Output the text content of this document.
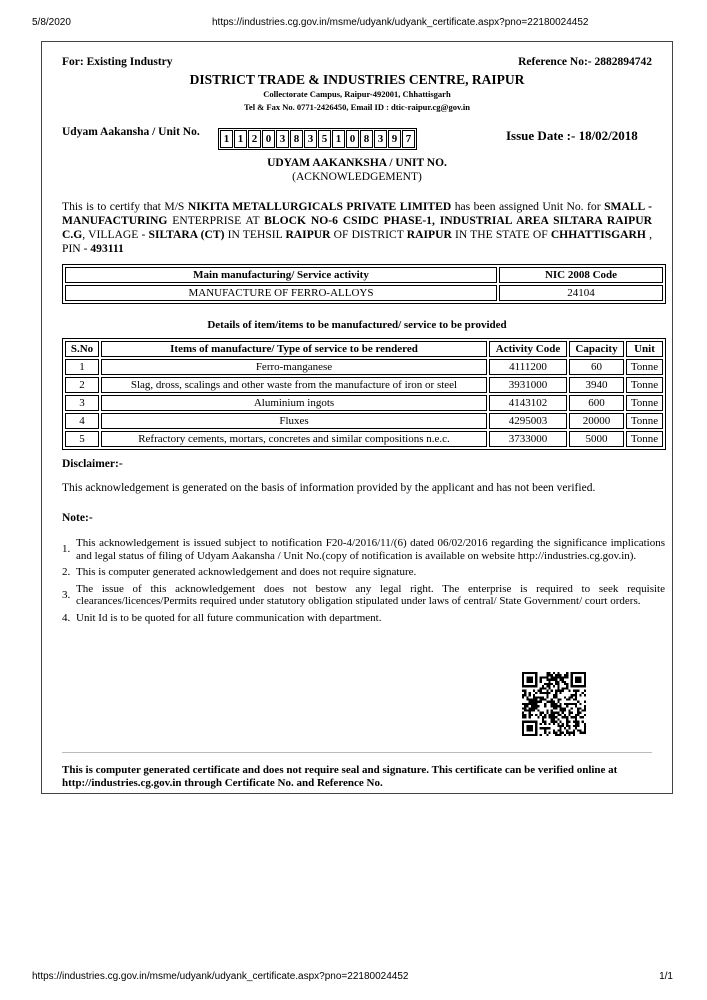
5/8/2020	https://industries.cg.gov.in/msme/udyank/udyank_certificate.aspx?pno=22180024452
https://industries.cg.gov.in/msme/udyank/udyank_certificate.aspx?pno=22180024452	1/1
For: Existing Industry	Reference No:- 2882894742
DISTRICT TRADE & INDUSTRIES CENTRE, RAIPUR
Collectorate Campus, Raipur-492001, Chhattisgarh
Tel & Fax No. 0771-2426450, Email ID : dtic-raipur.cg@gov.in
Udyam Aakansha / Unit No.
1 1 2 0 3 8 3 5 1 0 8 3 9 7	Issue Date :- 18/02/2018
UDYAM AAKANKSHA / UNIT NO.
(ACKNOWLEDGEMENT)
This is to certify that M/S NIKITA METALLURGICALS PRIVATE LIMITED has been assigned Unit No. for SMALL - MANUFACTURING ENTERPRISE AT BLOCK NO-6 CSIDC PHASE-1, INDUSTRIAL AREA SILTARA RAIPUR C.G, VILLAGE - SILTARA (CT) IN TEHSIL RAIPUR OF DISTRICT RAIPUR IN THE STATE OF CHHATTISGARH , PIN - 493111
Main manufacturing/ Service activity	NIC 2008 Code
MANUFACTURE OF FERRO-ALLOYS	24104
Details of item/items to be manufactured/ service to be provided
S.No	Items of manufacture/ Type of service to be rendered	Activity Code	Capacity	Unit
1	Ferro-manganese	4111200	60	Tonne
2	Slag, dross, scalings and other waste from the manufacture of iron or steel	3931000	3940	Tonne
3	Aluminium ingots	4143102	600	Tonne
4	Fluxes	4295003	20000	Tonne
5	Refractory cements, mortars, concretes and similar compositions n.e.c.	3733000	5000	Tonne
Disclaimer:-
This acknowledgement is generated on the basis of information provided by the applicant and has not been verified.
Note:-
1.
This acknowledgement is issued subject to notification F20-4/2016/11/(6) dated 06/02/2016 regarding the significance implications and legal status of filing of Udyam Aakansha / Unit No.(copy of notification is available on website http://industries.cg.gov.in).
2. This is computer generated acknowledgement and does not require signature.
3.
The issue of this acknowledgement does not bestow any legal right. The enterprise is required to seek requisite clearances/licences/Permits required under statutory obligation stipulated under laws of central/ State Government/ court orders.
4. Unit Id is to be quoted for all future communication with department.
This is computer generated certificate and does not require seal and signature. This certificate can be verified online at http://industries.cg.gov.in through Certificate No. and Reference No.
